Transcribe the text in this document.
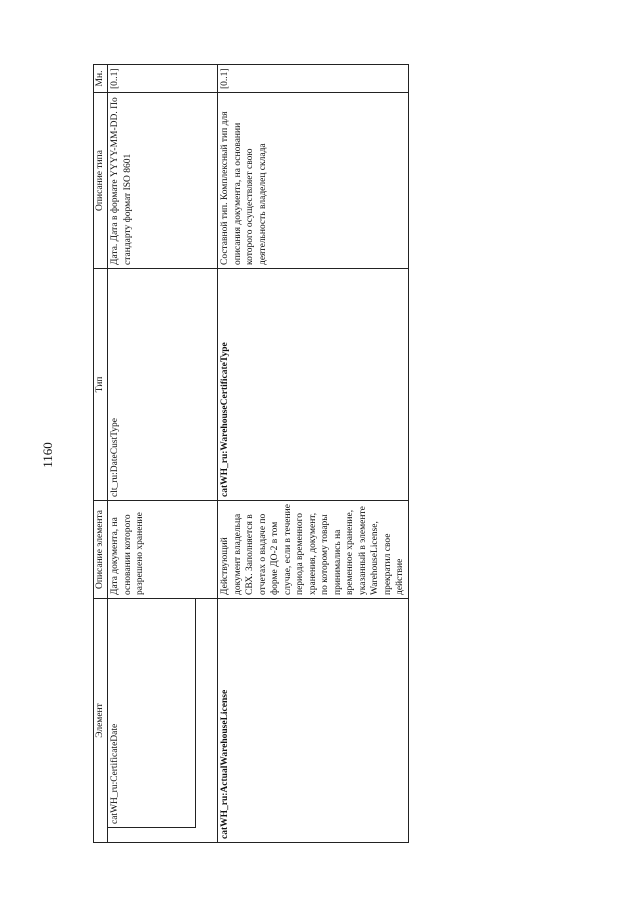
1160
Элемент	Описание элемента	Тип	Описание типа	Мн.

catWH_ru:CertificateDate	Дата документа, на основании которого разрешено хранение	clt_ru:DateCustType	Дата. Дата в формате YYYY-MM-DD. По стандарту формат ISO 8601	[0..1]
catWH_ru:ActualWarehouseLicense	Действующий документ владельца СВХ. Заполняется в отчетах о выдаче по форме ДО-2 в том случае, если в течение периода временного хранения, документ, по которому товары принимались на временное хранение, указанный в элементе WarehouseLicense, прекратил свое действие	catWH_ru:WarehouseCertificateType	Составной тип. Комплексный тип для описания документа, на основании которого осуществляет свою деятельность владелец склада	[0..1]
